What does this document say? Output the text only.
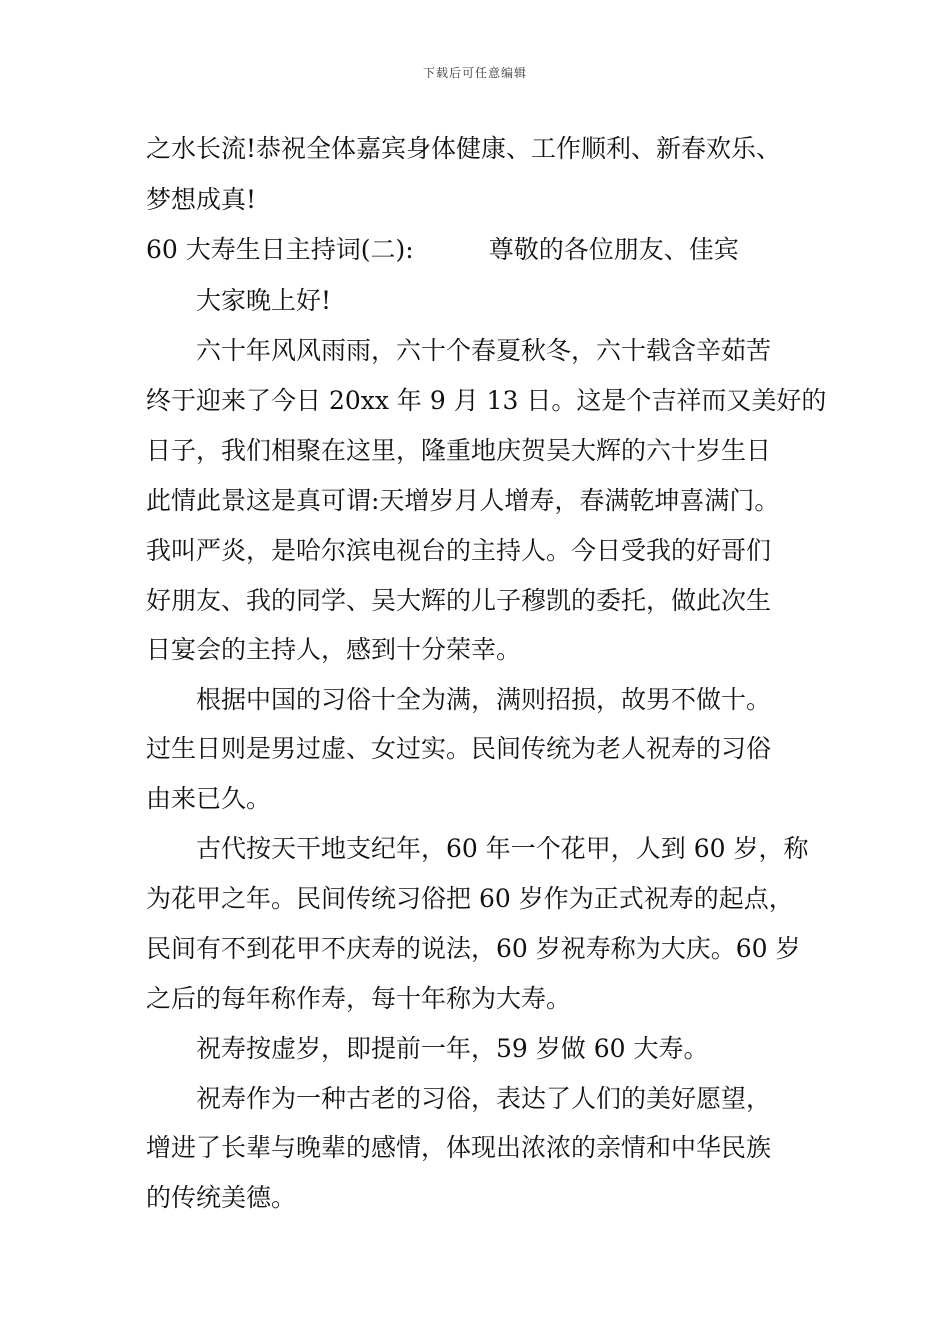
下载后可任意编辑
之水长流!恭祝全体嘉宾身体健康、工作顺利、新春欢乐、
梦想成真!
60 大寿生日主持词(二):　　　尊敬的各位朋友、佳宾
大家晚上好!
六十年风风雨雨，六十个春夏秋冬，六十载含辛茹苦
终于迎来了今日 20xx 年 9 月 13 日。这是个吉祥而又美好的
日子，我们相聚在这里，隆重地庆贺吴大辉的六十岁生日
此情此景这是真可谓:天增岁月人增寿，春满乾坤喜满门。
我叫严炎，是哈尔滨电视台的主持人。今日受我的好哥们
好朋友、我的同学、吴大辉的儿子穆凯的委托，做此次生
日宴会的主持人，感到十分荣幸。
根据中国的习俗十全为满，满则招损，故男不做十。
过生日则是男过虚、女过实。民间传统为老人祝寿的习俗
由来已久。
古代按天干地支纪年，60 年一个花甲，人到 60 岁，称
为花甲之年。民间传统习俗把 60 岁作为正式祝寿的起点，
民间有不到花甲不庆寿的说法，60 岁祝寿称为大庆。60 岁
之后的每年称作寿，每十年称为大寿。
祝寿按虚岁，即提前一年，59 岁做 60 大寿。
祝寿作为一种古老的习俗，表达了人们的美好愿望，
增进了长辈与晚辈的感情，体现出浓浓的亲情和中华民族
的传统美德。
